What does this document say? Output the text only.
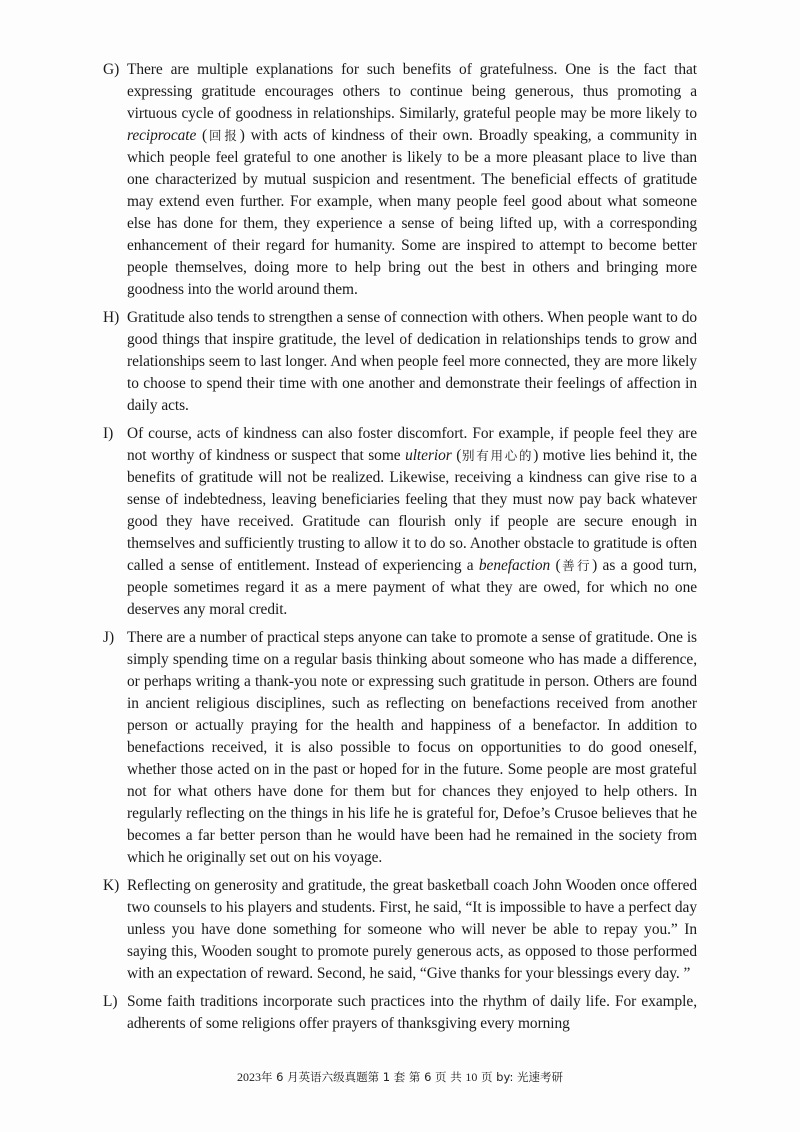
G) There are multiple explanations for such benefits of gratefulness. One is the fact that expressing gratitude encourages others to continue being generous, thus promoting a virtuous cycle of goodness in relationships. Similarly, grateful people may be more likely to reciprocate (回报) with acts of kindness of their own. Broadly speaking, a community in which people feel grateful to one another is likely to be a more pleasant place to live than one characterized by mutual suspicion and resentment. The beneficial effects of gratitude may extend even further. For example, when many people feel good about what someone else has done for them, they experience a sense of being lifted up, with a corresponding enhancement of their regard for humanity. Some are inspired to attempt to become better people themselves, doing more to help bring out the best in others and bringing more goodness into the world around them.

H) Gratitude also tends to strengthen a sense of connection with others. When people want to do good things that inspire gratitude, the level of dedication in relationships tends to grow and relationships seem to last longer. And when people feel more connected, they are more likely to choose to spend their time with one another and demonstrate their feelings of affection in daily acts.

I) Of course, acts of kindness can also foster discomfort. For example, if people feel they are not worthy of kindness or suspect that some ulterior (别有用心的) motive lies behind it, the benefits of gratitude will not be realized. Likewise, receiving a kindness can give rise to a sense of indebtedness, leaving beneficiaries feeling that they must now pay back whatever good they have received. Gratitude can flourish only if people are secure enough in themselves and sufficiently trusting to allow it to do so. Another obstacle to gratitude is often called a sense of entitlement. Instead of experiencing a benefaction (善行) as a good turn, people sometimes regard it as a mere payment of what they are owed, for which no one deserves any moral credit.

J) There are a number of practical steps anyone can take to promote a sense of gratitude. One is simply spending time on a regular basis thinking about someone who has made a difference, or perhaps writing a thank-you note or expressing such gratitude in person. Others are found in ancient religious disciplines, such as reflecting on benefactions received from another person or actually praying for the health and happiness of a benefactor. In addition to benefactions received, it is also possible to focus on opportunities to do good oneself, whether those acted on in the past or hoped for in the future. Some people are most grateful not for what others have done for them but for chances they enjoyed to help others. In regularly reflecting on the things in his life he is grateful for, Defoe’s Crusoe believes that he becomes a far better person than he would have been had he remained in the society from which he originally set out on his voyage.

K) Reflecting on generosity and gratitude, the great basketball coach John Wooden once offered two counsels to his players and students. First, he said, “It is impossible to have a perfect day unless you have done something for someone who will never be able to repay you.” In saying this, Wooden sought to promote purely generous acts, as opposed to those performed with an expectation of reward. Second, he said, “Give thanks for your blessings every day. ”

L) Some faith traditions incorporate such practices into the rhythm of daily life. For example, adherents of some religions offer prayers of thanksgiving every morning

2023年 6 月英语六级真题第 1 套 第 6 页 共 10 页 by: 光速考研
